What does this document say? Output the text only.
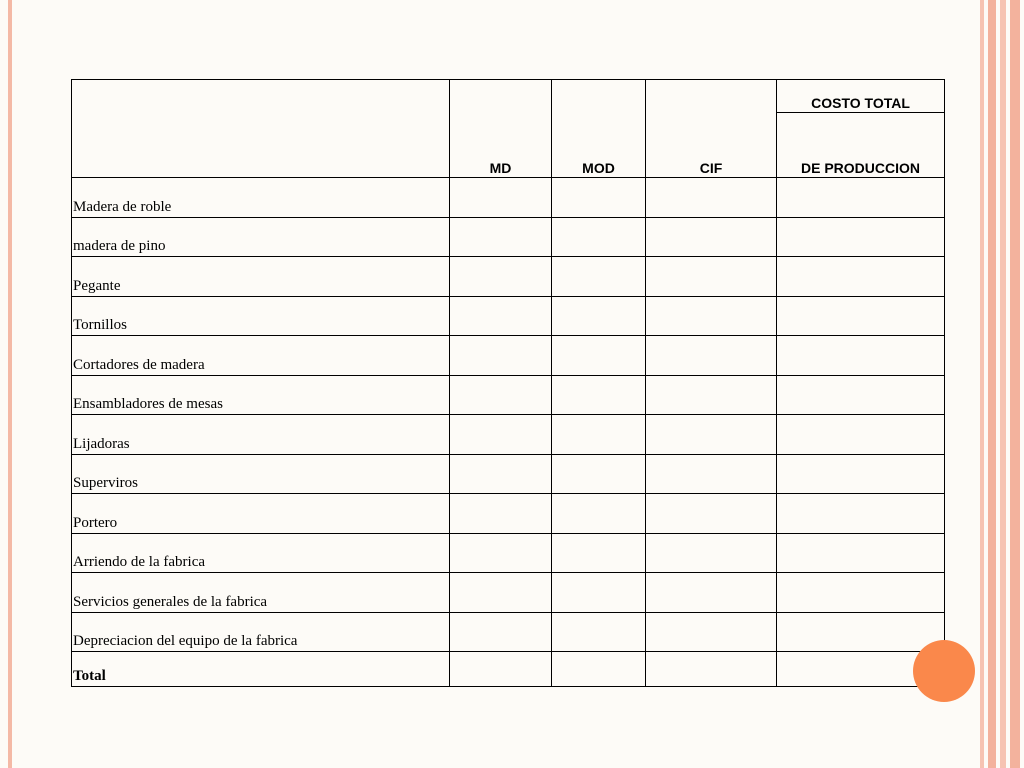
	MD	MOD	CIF	COSTO TOTAL
				DE PRODUCCION
Madera de roble				
madera de pino				
Pegante				
Tornillos				
Cortadores de madera				
Ensambladores de mesas				
Lijadoras				
Superviros				
Portero				
Arriendo de la fabrica				
Servicios generales de la fabrica				
Depreciacion del equipo de la fabrica				
Total				
